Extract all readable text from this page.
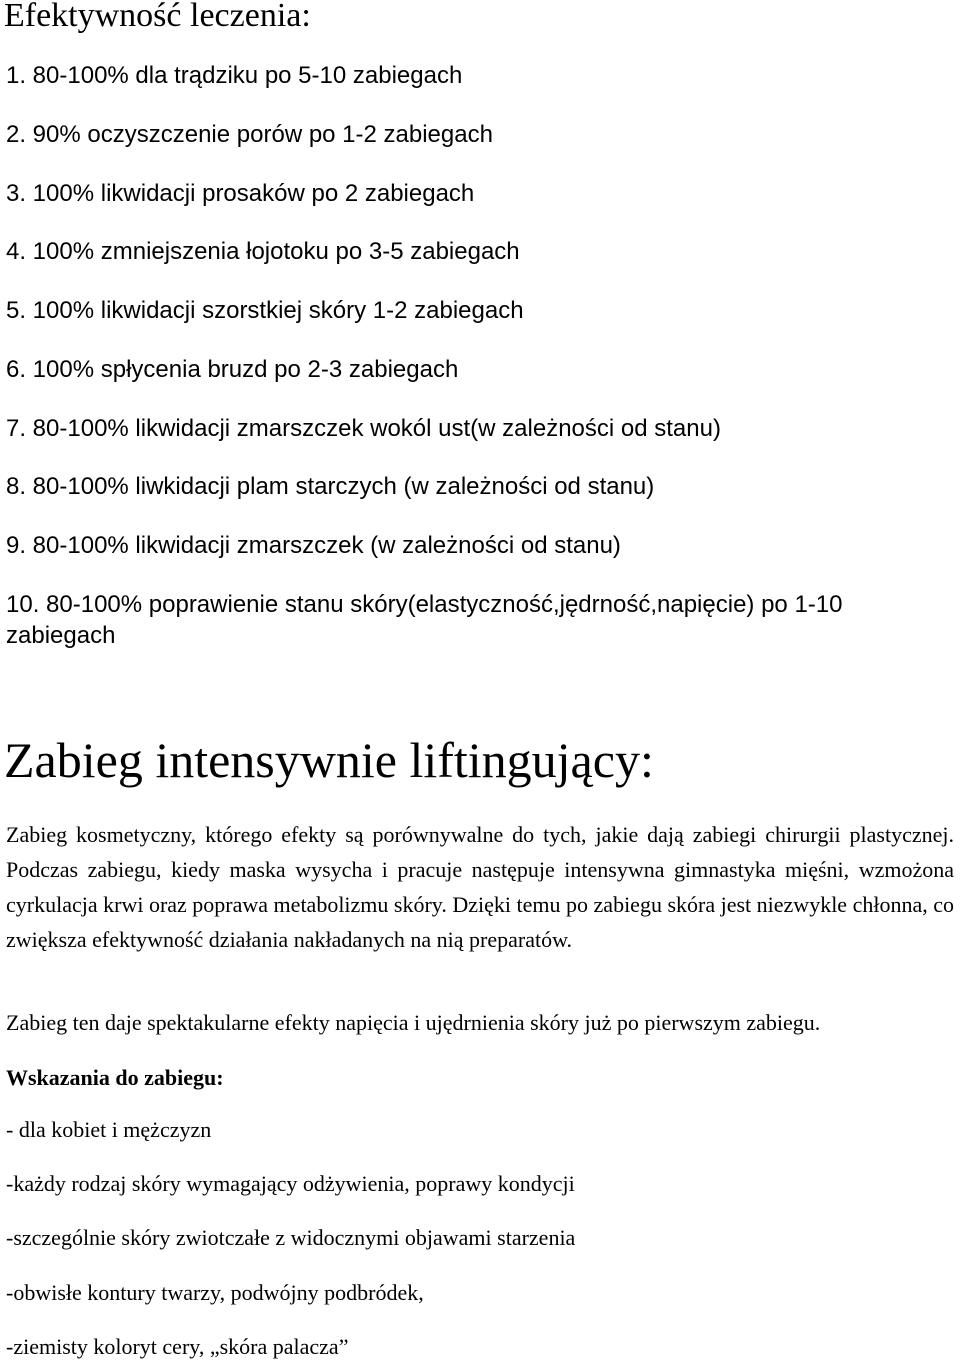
Efektywność leczenia:
1. 80-100% dla trądziku po 5-10 zabiegach
2. 90% oczyszczenie porów po 1-2 zabiegach
3. 100% likwidacji prosaków po 2 zabiegach
4. 100% zmniejszenia łojotoku po 3-5 zabiegach
5. 100% likwidacji szorstkiej skóry 1-2 zabiegach
6. 100% spłycenia bruzd po 2-3 zabiegach
7. 80-100% likwidacji zmarszczek wokól ust(w zależności od stanu)
8. 80-100% liwkidacji plam starczych (w zależności od stanu)
9. 80-100% likwidacji zmarszczek (w zależności od stanu)
10. 80-100% poprawienie stanu skóry(elastyczność,jędrność,napięcie) po 1-10 zabiegach
Zabieg intensywnie liftingujący:

Zabieg kosmetyczny, którego efekty są porównywalne do tych, jakie dają zabiegi chirurgii plastycznej. Podczas zabiegu, kiedy maska wysycha i pracuje następuje intensywna gimnastyka mięśni, wzmożona cyrkulacja krwi oraz poprawa metabolizmu skóry. Dzięki temu po zabiegu skóra jest niezwykle chłonna, co zwiększa efektywność działania nakładanych na nią preparatów.

Zabieg ten daje spektakularne efekty napięcia i ujędrnienia skóry już po pierwszym zabiegu.

Wskazania do zabiegu:
- dla kobiet i mężczyzn
-każdy rodzaj skóry wymagający odżywienia, poprawy kondycji
-szczególnie skóry zwiotczałe z widocznymi objawami starzenia
-obwisłe kontury twarzy, podwójny podbródek,
-ziemisty koloryt cery, „skóra palacza”
